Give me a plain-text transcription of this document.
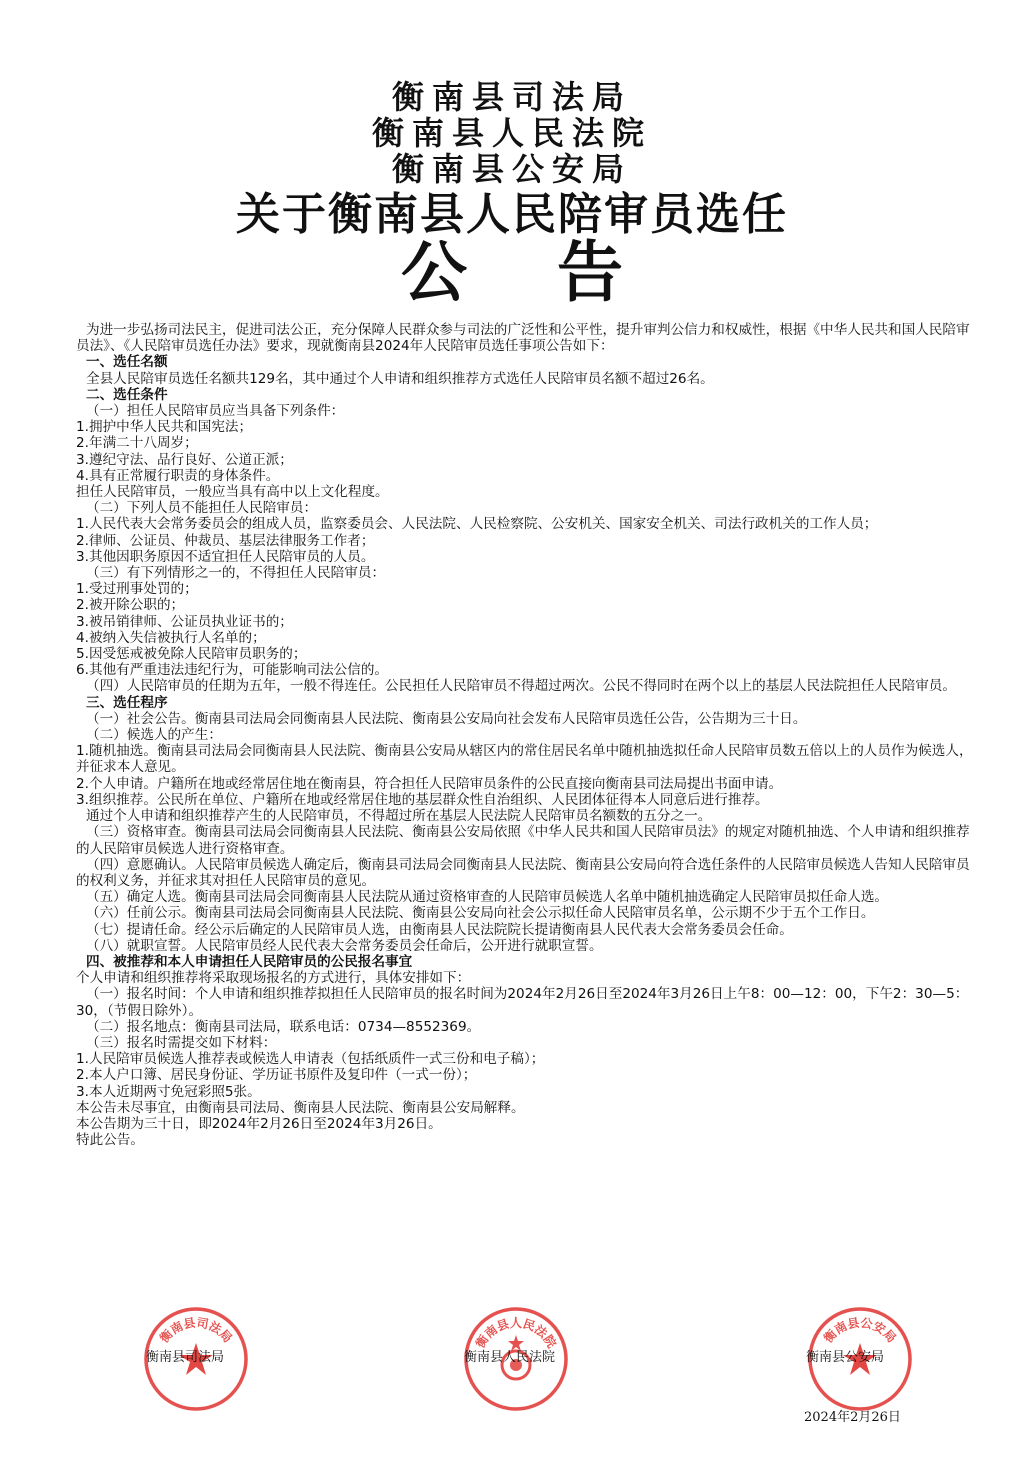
衡南县司法局
衡南县人民法院
衡南县公安局
关于衡南县人民陪审员选任
公告

为进一步弘扬司法民主，促进司法公正，充分保障人民群众参与司法的广泛性和公平性，提升审判公信力和权威性，根据《中华人民共和国人民陪审员法》、《人民陪审员选任办法》要求，现就衡南县2024年人民陪审员选任事项公告如下：

一、选任名额

全县人民陪审员选任名额共129名，其中通过个人申请和组织推荐方式选任人民陪审员名额不超过26名。

二、选任条件

（一）担任人民陪审员应当具备下列条件：

1.拥护中华人民共和国宪法；

2.年满二十八周岁；

3.遵纪守法、品行良好、公道正派；

4.具有正常履行职责的身体条件。

担任人民陪审员，一般应当具有高中以上文化程度。

（二）下列人员不能担任人民陪审员：

1.人民代表大会常务委员会的组成人员，监察委员会、人民法院、人民检察院、公安机关、国家安全机关、司法行政机关的工作人员；

2.律师、公证员、仲裁员、基层法律服务工作者；

3.其他因职务原因不适宜担任人民陪审员的人员。

（三）有下列情形之一的，不得担任人民陪审员：

1.受过刑事处罚的；

2.被开除公职的；

3.被吊销律师、公证员执业证书的；

4.被纳入失信被执行人名单的；

5.因受惩戒被免除人民陪审员职务的；

6.其他有严重违法违纪行为，可能影响司法公信的。

（四）人民陪审员的任期为五年，一般不得连任。公民担任人民陪审员不得超过两次。公民不得同时在两个以上的基层人民法院担任人民陪审员。

三、选任程序

（一）社会公告。衡南县司法局会同衡南县人民法院、衡南县公安局向社会发布人民陪审员选任公告，公告期为三十日。

（二）候选人的产生：

1.随机抽选。衡南县司法局会同衡南县人民法院、衡南县公安局从辖区内的常住居民名单中随机抽选拟任命人民陪审员数五倍以上的人员作为候选人，并征求本人意见。

2.个人申请。户籍所在地或经常居住地在衡南县，符合担任人民陪审员条件的公民直接向衡南县司法局提出书面申请。

3.组织推荐。公民所在单位、户籍所在地或经常居住地的基层群众性自治组织、人民团体征得本人同意后进行推荐。

通过个人申请和组织推荐产生的人民陪审员，不得超过所在基层人民法院人民陪审员名额数的五分之一。

（三）资格审查。衡南县司法局会同衡南县人民法院、衡南县公安局依照《中华人民共和国人民陪审员法》的规定对随机抽选、个人申请和组织推荐的人民陪审员候选人进行资格审查。

（四）意愿确认。人民陪审员候选人确定后，衡南县司法局会同衡南县人民法院、衡南县公安局向符合选任条件的人民陪审员候选人告知人民陪审员的权利义务，并征求其对担任人民陪审员的意见。

（五）确定人选。衡南县司法局会同衡南县人民法院从通过资格审查的人民陪审员候选人名单中随机抽选确定人民陪审员拟任命人选。

（六）任前公示。衡南县司法局会同衡南县人民法院、衡南县公安局向社会公示拟任命人民陪审员名单，公示期不少于五个工作日。

（七）提请任命。经公示后确定的人民陪审员人选，由衡南县人民法院院长提请衡南县人民代表大会常务委员会任命。

（八）就职宣誓。人民陪审员经人民代表大会常务委员会任命后，公开进行就职宣誓。

四、被推荐和本人申请担任人民陪审员的公民报名事宜

个人申请和组织推荐将采取现场报名的方式进行，具体安排如下：

（一）报名时间：个人申请和组织推荐拟担任人民陪审员的报名时间为2024年2月26日至2024年3月26日上午8：00—12：00，下午2：30—5：30，（节假日除外）。

（二）报名地点：衡南县司法局，联系电话：0734—8552369。

（三）报名时需提交如下材料：

1.人民陪审员候选人推荐表或候选人申请表（包括纸质件一式三份和电子稿）；

2.本人户口簿、居民身份证、学历证书原件及复印件（一式一份）；

3.本人近期两寸免冠彩照5张。

本公告未尽事宜，由衡南县司法局、衡南县人民法院、衡南县公安局解释。

本公告期为三十日，即2024年2月26日至2024年3月26日。

特此公告。

衡南县司法局
衡南县司法局
衡南县人民法院
衡南县人民法院
衡南县公安局
衡南县公安局
2024年2月26日
